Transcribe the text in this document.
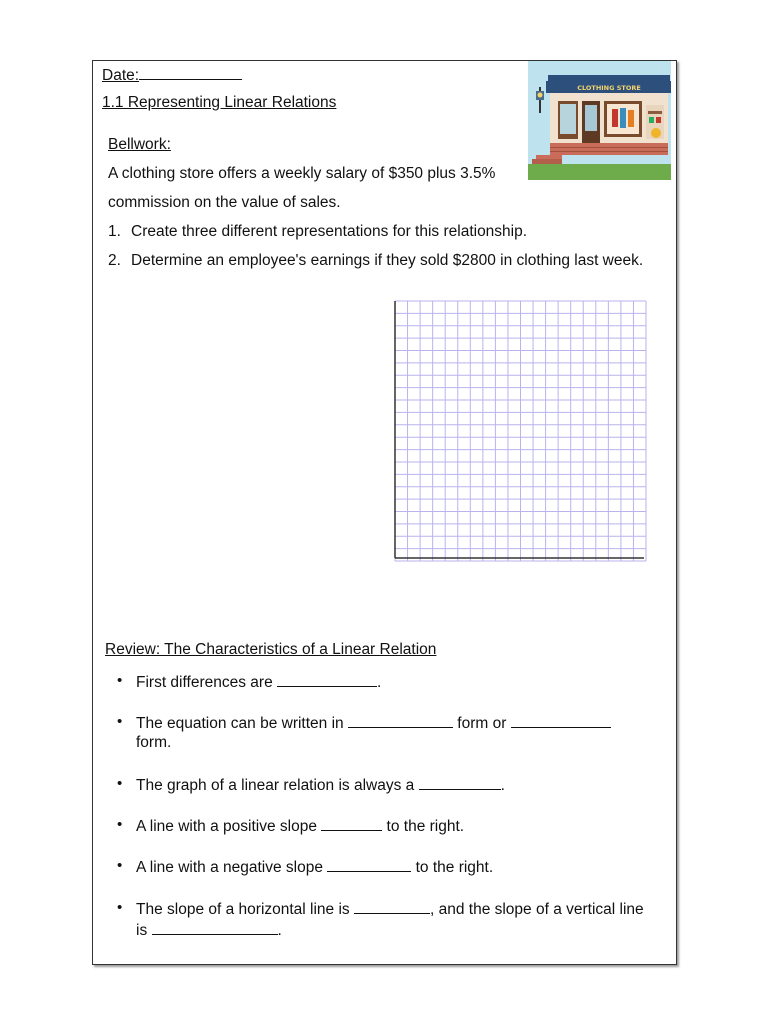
Date:
1.1 Representing Linear Relations
CLOTHING STORE
Bellwork:
A clothing store offers a weekly salary of $350 plus 3.5%
commission on the value of sales.
1. Create three different representations for this relationship.
2. Determine an employee's earnings if they sold $2800 in clothing last week.
Review: The Characteristics of a Linear Relation
• First differences are	.
• The equation can be written in	form or
form.
• The graph of a linear relation is always a	.
• A line with a positive slope	to the right.
• A line with a negative slope	to the right.
• The slope of a horizontal line is	, and the slope of a vertical line
is	.
